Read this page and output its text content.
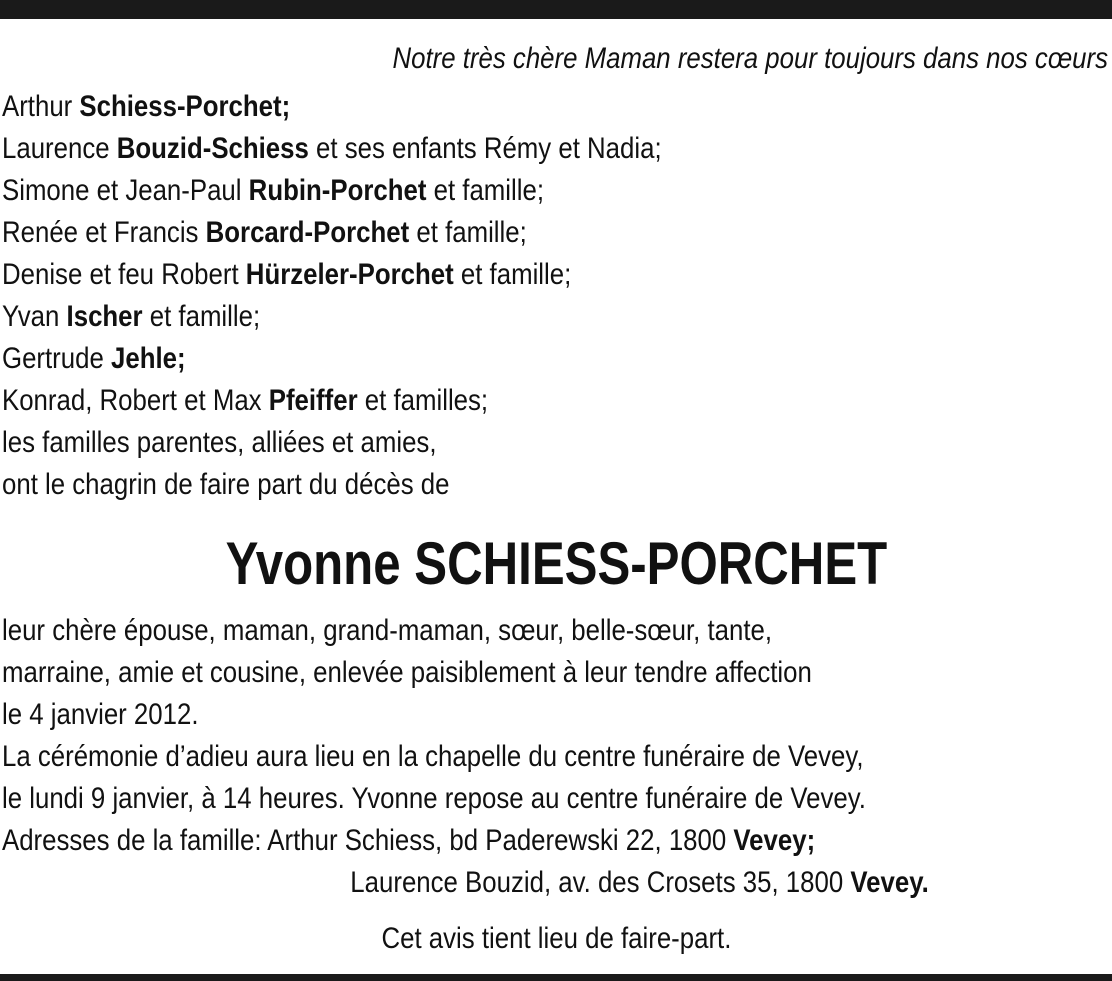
Notre très chère Maman restera pour toujours dans nos cœurs
Arthur Schiess-Porchet;
Laurence Bouzid-Schiess et ses enfants Rémy et Nadia;
Simone et Jean-Paul Rubin-Porchet et famille;
Renée et Francis Borcard-Porchet et famille;
Denise et feu Robert Hürzeler-Porchet et famille;
Yvan Ischer et famille;
Gertrude Jehle;
Konrad, Robert et Max Pfeiffer et familles;
les familles parentes, alliées et amies,
ont le chagrin de faire part du décès de
Yvonne SCHIESS-PORCHET
leur chère épouse, maman, grand-maman, sœur, belle-sœur, tante,
marraine, amie et cousine, enlevée paisiblement à leur tendre affection
le 4 janvier 2012.
La cérémonie d’adieu aura lieu en la chapelle du centre funéraire de Vevey,
le lundi 9 janvier, à 14 heures. Yvonne repose au centre funéraire de Vevey.
Adresses de la famille: Arthur Schiess, bd Paderewski 22, 1800 Vevey;
Laurence Bouzid, av. des Crosets 35, 1800 Vevey.
Cet avis tient lieu de faire-part.
